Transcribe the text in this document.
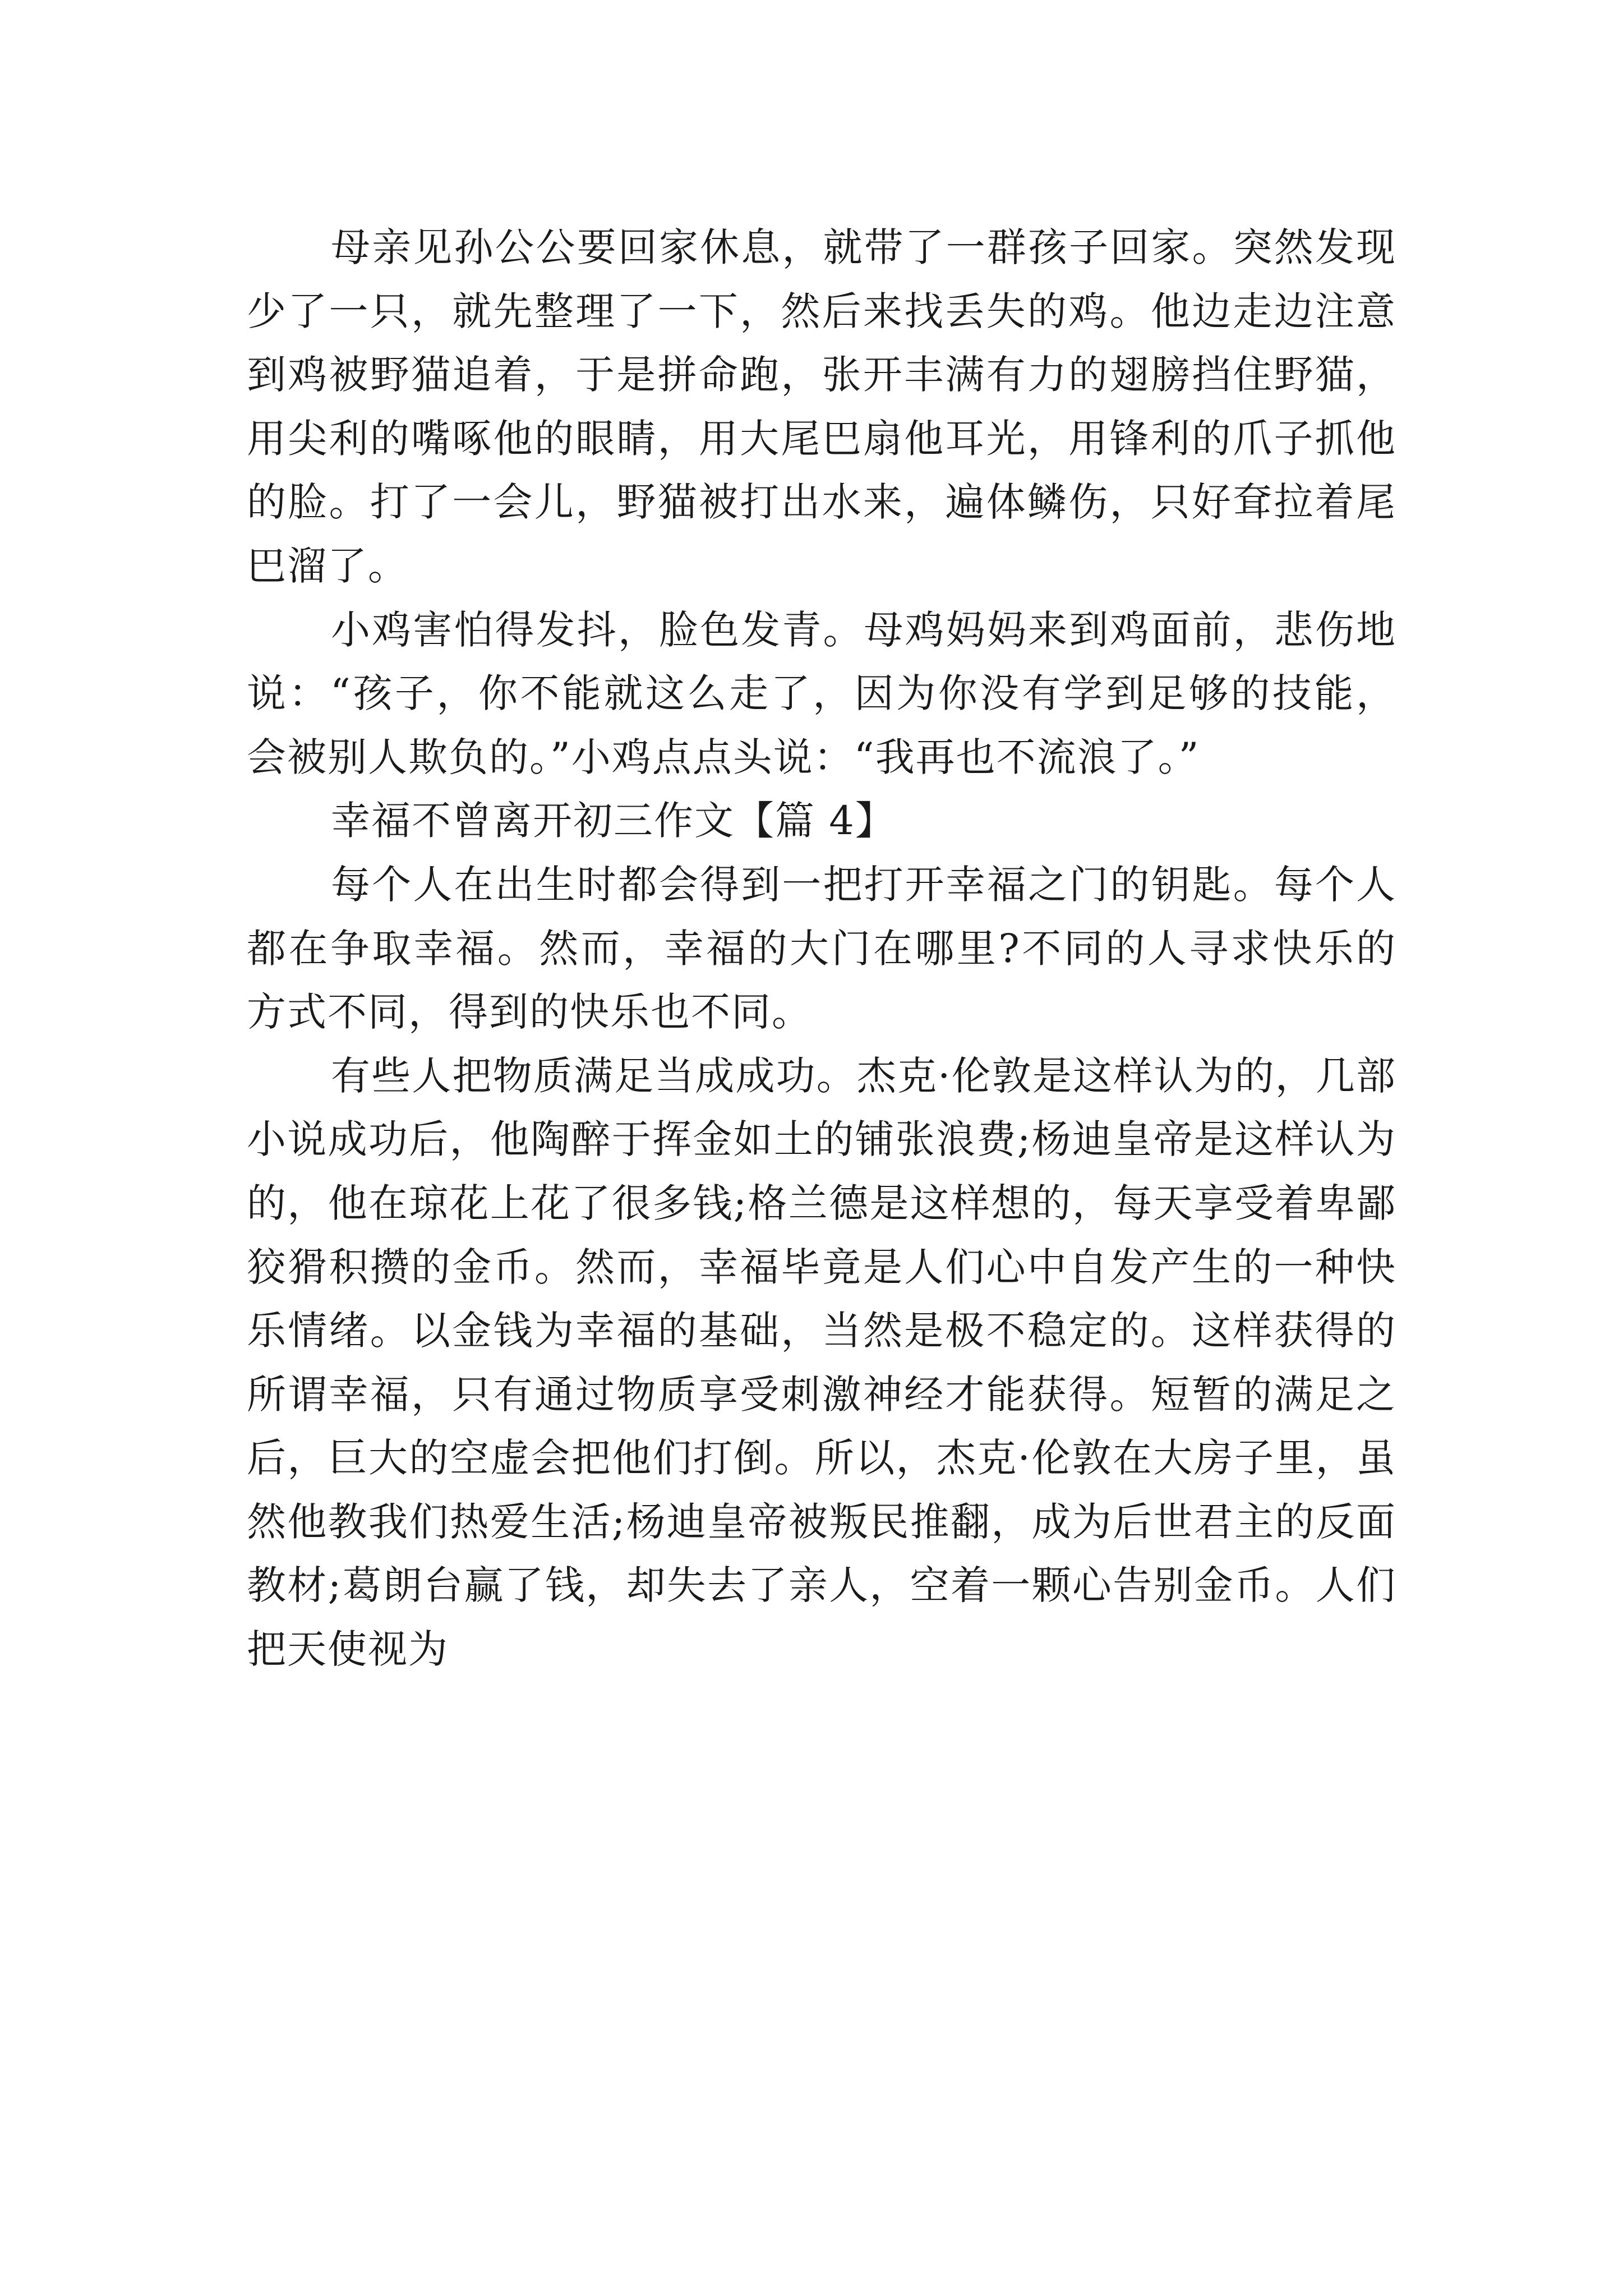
母亲见孙公公要回家休息，就带了一群孩子回家。突然发现少了一只，就先整理了一下，然后来找丢失的鸡。他边走边注意到鸡被野猫追着，于是拼命跑，张开丰满有力的翅膀挡住野猫，用尖利的嘴啄他的眼睛，用大尾巴扇他耳光，用锋利的爪子抓他的脸。打了一会儿，野猫被打出水来，遍体鳞伤，只好耷拉着尾巴溜了。

小鸡害怕得发抖，脸色发青。母鸡妈妈来到鸡面前，悲伤地说：“孩子，你不能就这么走了，因为你没有学到足够的技能，会被别人欺负的。”小鸡点点头说：“我再也不流浪了。”

幸福不曾离开初三作文【篇 4】

每个人在出生时都会得到一把打开幸福之门的钥匙。每个人都在争取幸福。然而，幸福的大门在哪里?不同的人寻求快乐的方式不同，得到的快乐也不同。

有些人把物质满足当成成功。杰克·伦敦是这样认为的，几部小说成功后，他陶醉于挥金如土的铺张浪费;杨迪皇帝是这样认为的，他在琼花上花了很多钱;格兰德是这样想的，每天享受着卑鄙狡猾积攒的金币。然而，幸福毕竟是人们心中自发产生的一种快乐情绪。以金钱为幸福的基础，当然是极不稳定的。这样获得的所谓幸福，只有通过物质享受刺激神经才能获得。短暂的满足之后，巨大的空虚会把他们打倒。所以，杰克·伦敦在大房子里，虽然他教我们热爱生活;杨迪皇帝被叛民推翻，成为后世君主的反面教材;葛朗台赢了钱，却失去了亲人，空着一颗心告别金币。人们把天使视为
